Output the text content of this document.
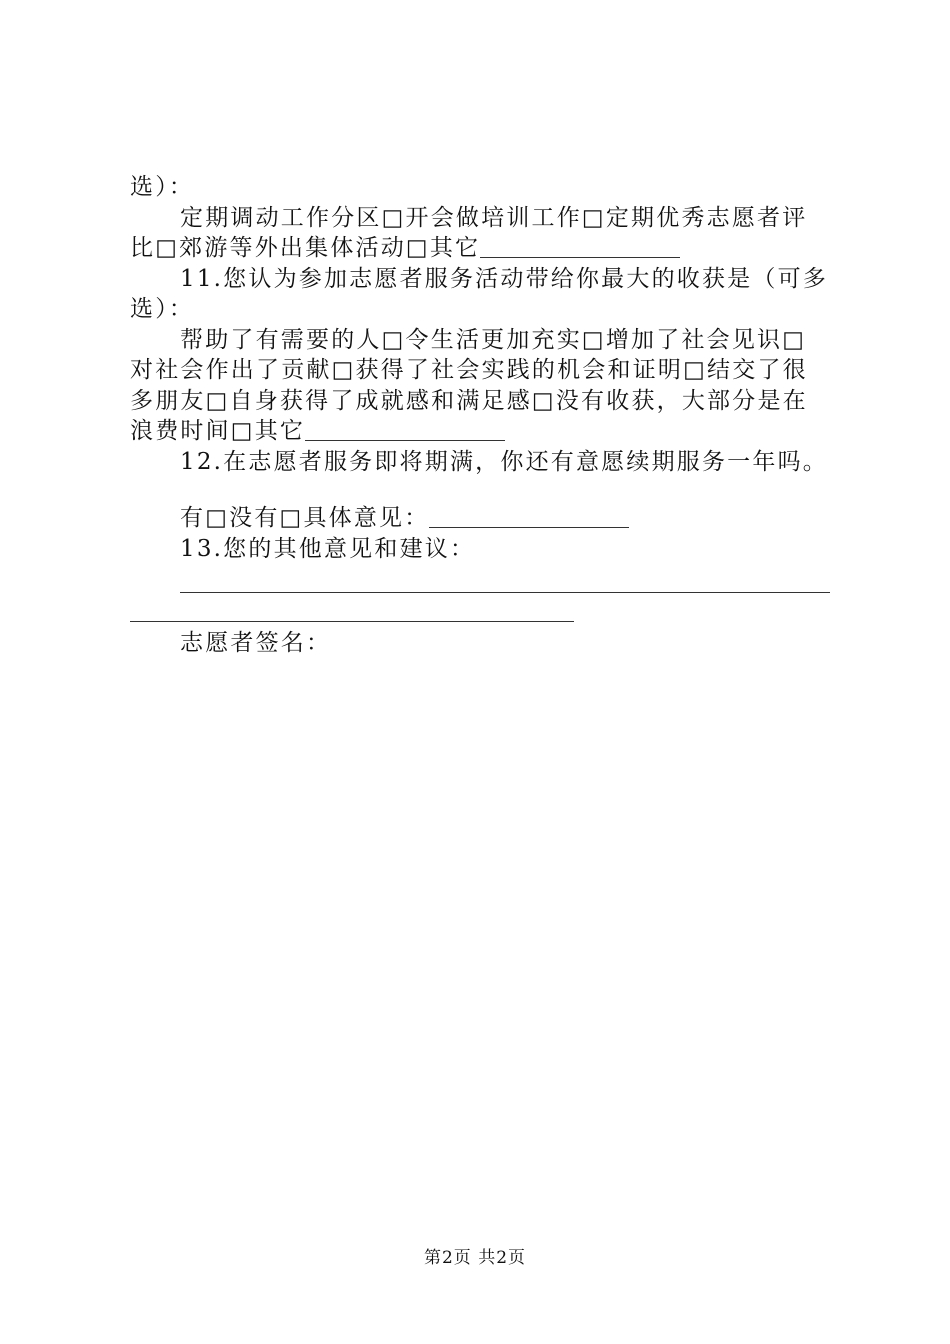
选）：

定期调动工作分区□开会做培训工作□定期优秀志愿者评比□郊游等外出集体活动□其它

11.您认为参加志愿者服务活动带给你最大的收获是（可多选）：

帮助了有需要的人□令生活更加充实□增加了社会见识□对社会作出了贡献□获得了社会实践的机会和证明□结交了很多朋友□自身获得了成就感和满足感□没有收获，大部分是在浪费时间□其它

12.在志愿者服务即将期满，你还有意愿续期服务一年吗。

有□没有□具体意见：

13.您的其他意见和建议：

志愿者签名：

第2页 共2页
